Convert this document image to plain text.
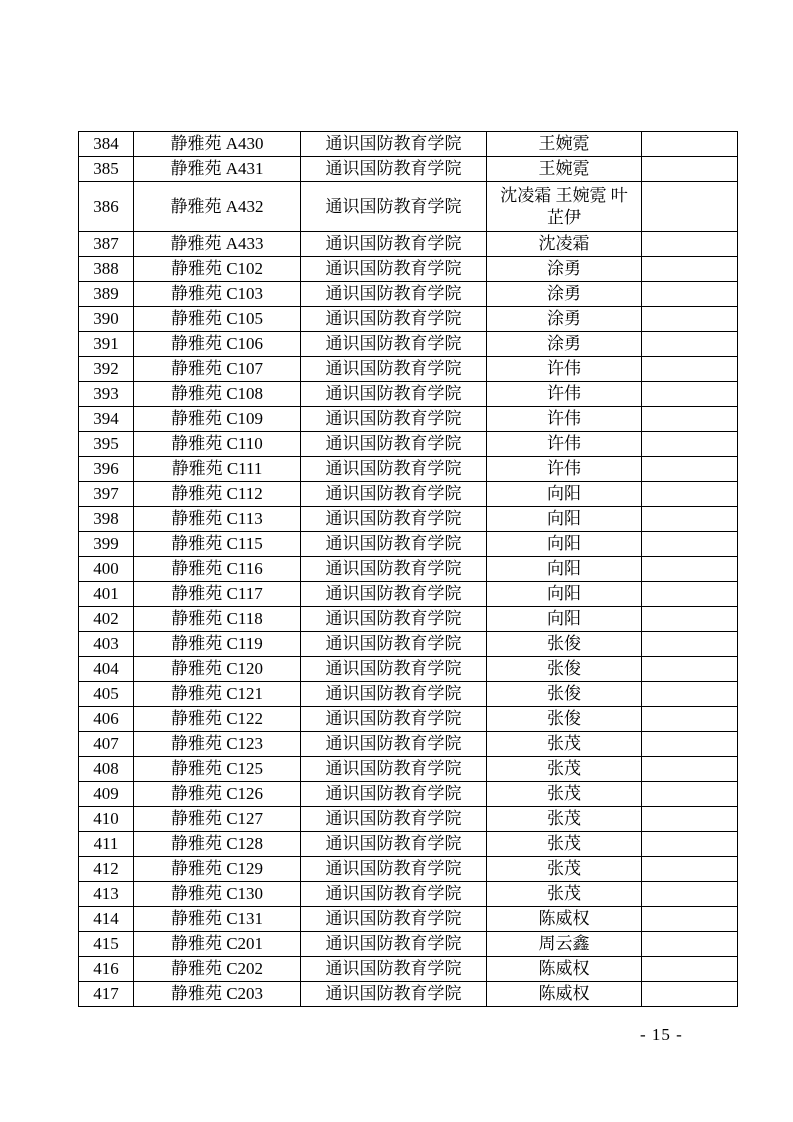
384	静雅苑 A430	通识国防教育学院	王婉霓	
385	静雅苑 A431	通识国防教育学院	王婉霓	
386	静雅苑 A432	通识国防教育学院	沈凌霜 王婉霓 叶芷伊	
387	静雅苑 A433	通识国防教育学院	沈凌霜	
388	静雅苑 C102	通识国防教育学院	涂勇	
389	静雅苑 C103	通识国防教育学院	涂勇	
390	静雅苑 C105	通识国防教育学院	涂勇	
391	静雅苑 C106	通识国防教育学院	涂勇	
392	静雅苑 C107	通识国防教育学院	许伟	
393	静雅苑 C108	通识国防教育学院	许伟	
394	静雅苑 C109	通识国防教育学院	许伟	
395	静雅苑 C110	通识国防教育学院	许伟	
396	静雅苑 C111	通识国防教育学院	许伟	
397	静雅苑 C112	通识国防教育学院	向阳	
398	静雅苑 C113	通识国防教育学院	向阳	
399	静雅苑 C115	通识国防教育学院	向阳	
400	静雅苑 C116	通识国防教育学院	向阳	
401	静雅苑 C117	通识国防教育学院	向阳	
402	静雅苑 C118	通识国防教育学院	向阳	
403	静雅苑 C119	通识国防教育学院	张俊	
404	静雅苑 C120	通识国防教育学院	张俊	
405	静雅苑 C121	通识国防教育学院	张俊	
406	静雅苑 C122	通识国防教育学院	张俊	
407	静雅苑 C123	通识国防教育学院	张茂	
408	静雅苑 C125	通识国防教育学院	张茂	
409	静雅苑 C126	通识国防教育学院	张茂	
410	静雅苑 C127	通识国防教育学院	张茂	
411	静雅苑 C128	通识国防教育学院	张茂	
412	静雅苑 C129	通识国防教育学院	张茂	
413	静雅苑 C130	通识国防教育学院	张茂	
414	静雅苑 C131	通识国防教育学院	陈威权	
415	静雅苑 C201	通识国防教育学院	周云鑫	
416	静雅苑 C202	通识国防教育学院	陈威权	
417	静雅苑 C203	通识国防教育学院	陈威权	
- 15 -
